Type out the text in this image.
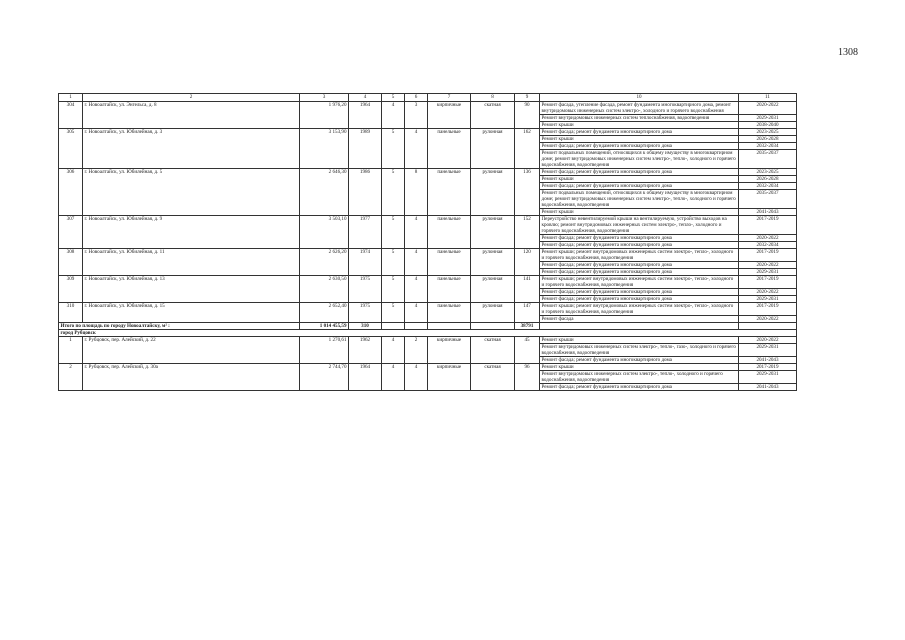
1308
1	2	3	4	5	6	7	8	9	10	11
304	г. Новоалтайск, ул. Энгельса, д. 8	1 976,20	1964	4	3	кирпичные	скатная	90	Ремонт фасада, утепление фасада, ремонт фундамента многоквартирного дома, ремонт внутридомовых инженерных систем электро-, холодного и горячего водоснабжения	2020-2022
									Ремонт внутридомовых инженерных систем теплоснабжения, водоотведения	2029-2031
									Ремонт крыши	2038-2040
305	г. Новоалтайск, ул. Юбилейная, д. 3	3 153,90	1989	5	4	панельные	рулонная	162	Ремонт фасада; ремонт фундамента многоквартирного дома	2023-2025
									Ремонт крыши	2026-2028
									Ремонт фасада; ремонт фундамента многоквартирного дома	2032-2034
									Ремонт подвальных помещений, относящихся к общему имуществу в многоквартирном доме; ремонт внутридомовых инженерных систем электро-, тепло-, холодного и горячего водоснабжения, водоотведения	2035-2037
306	г. Новоалтайск, ул. Юбилейная, д. 5	2 646,30	1986	5	8	панельные	рулонная	136	Ремонт фасада; ремонт фундамента многоквартирного дома	2023-2025
									Ремонт крыши	2026-2028
									Ремонт фасада; ремонт фундамента многоквартирного дома	2032-2034
									Ремонт подвальных помещений, относящихся к общему имуществу в многоквартирном доме; ремонт внутридомовых инженерных систем электро-, тепло-, холодного и горячего водоснабжения, водоотведения	2035-2037
									Ремонт крыши	2041-2043
307	г. Новоалтайск, ул. Юбилейная, д. 9	3 503,10	1977	5	4	панельные	рулонная	152	Переустройство невентилируемой крыши на вентилируемую, устройство выходов на кровлю; ремонт внутридомовых инженерных систем электро-, тепло-, холодного и горячего водоснабжения, водоотведения	2017-2019
									Ремонт фасада; ремонт фундамента многоквартирного дома	2020-2022
									Ремонт фасада; ремонт фундамента многоквартирного дома	2032-2034
308	г. Новоалтайск, ул. Юбилейная, д. 11	2 626,20	1974	5	4	панельные	рулонная	120	Ремонт крыши; ремонт внутридомовых инженерных систем электро-, тепло-, холодного и горячего водоснабжения, водоотведения	2017-2019
									Ремонт фасада; ремонт фундамента многоквартирного дома	2020-2022
									Ремонт фасада; ремонт фундамента многоквартирного дома	2029-2031
309	г. Новоалтайск, ул. Юбилейная, д. 13	2 630,50	1975	5	4	панельные	рулонная	141	Ремонт крыши; ремонт внутридомовых инженерных систем электро-, тепло-, холодного и горячего водоснабжения, водоотведения	2017-2019
									Ремонт фасада; ремонт фундамента многоквартирного дома	2020-2022
									Ремонт фасада; ремонт фундамента многоквартирного дома	2029-2031
310	г. Новоалтайск, ул. Юбилейная, д. 15	2 652,40	1975	5	4	панельные	рулонная	147	Ремонт крыши; ремонт внутридомовых инженерных систем электро-, тепло-, холодного и горячего водоснабжения, водоотведения	2017-2019
									Ремонт фасада	2020-2022
Итого по площадь по городу Новоалтайску, м² :		1 014 455,59	310					38791		
город Рубцовск										
1	г. Рубцовск, пер. Алейский, д. 22	1 270,61	1962	4	2	кирпичные	скатная	45	Ремонт крыши	2020-2022
									Ремонт внутридомовых инженерных систем электро-, тепло-, газо-, холодного и горячего водоснабжения, водоотведения	2029-2031
									Ремонт фасада; ремонт фундамента многоквартирного дома	2041-2043
2	г. Рубцовск, пер. Алейский, д. 30а	2 744,70	1964	4	4	кирпичные	скатная	96	Ремонт крыши	2017-2019
									Ремонт внутридомовых инженерных систем электро-, тепло-, холодного и горячего водоснабжения, водоотведения	2029-2031
									Ремонт фасада; ремонт фундамента многоквартирного дома	2041-2043
